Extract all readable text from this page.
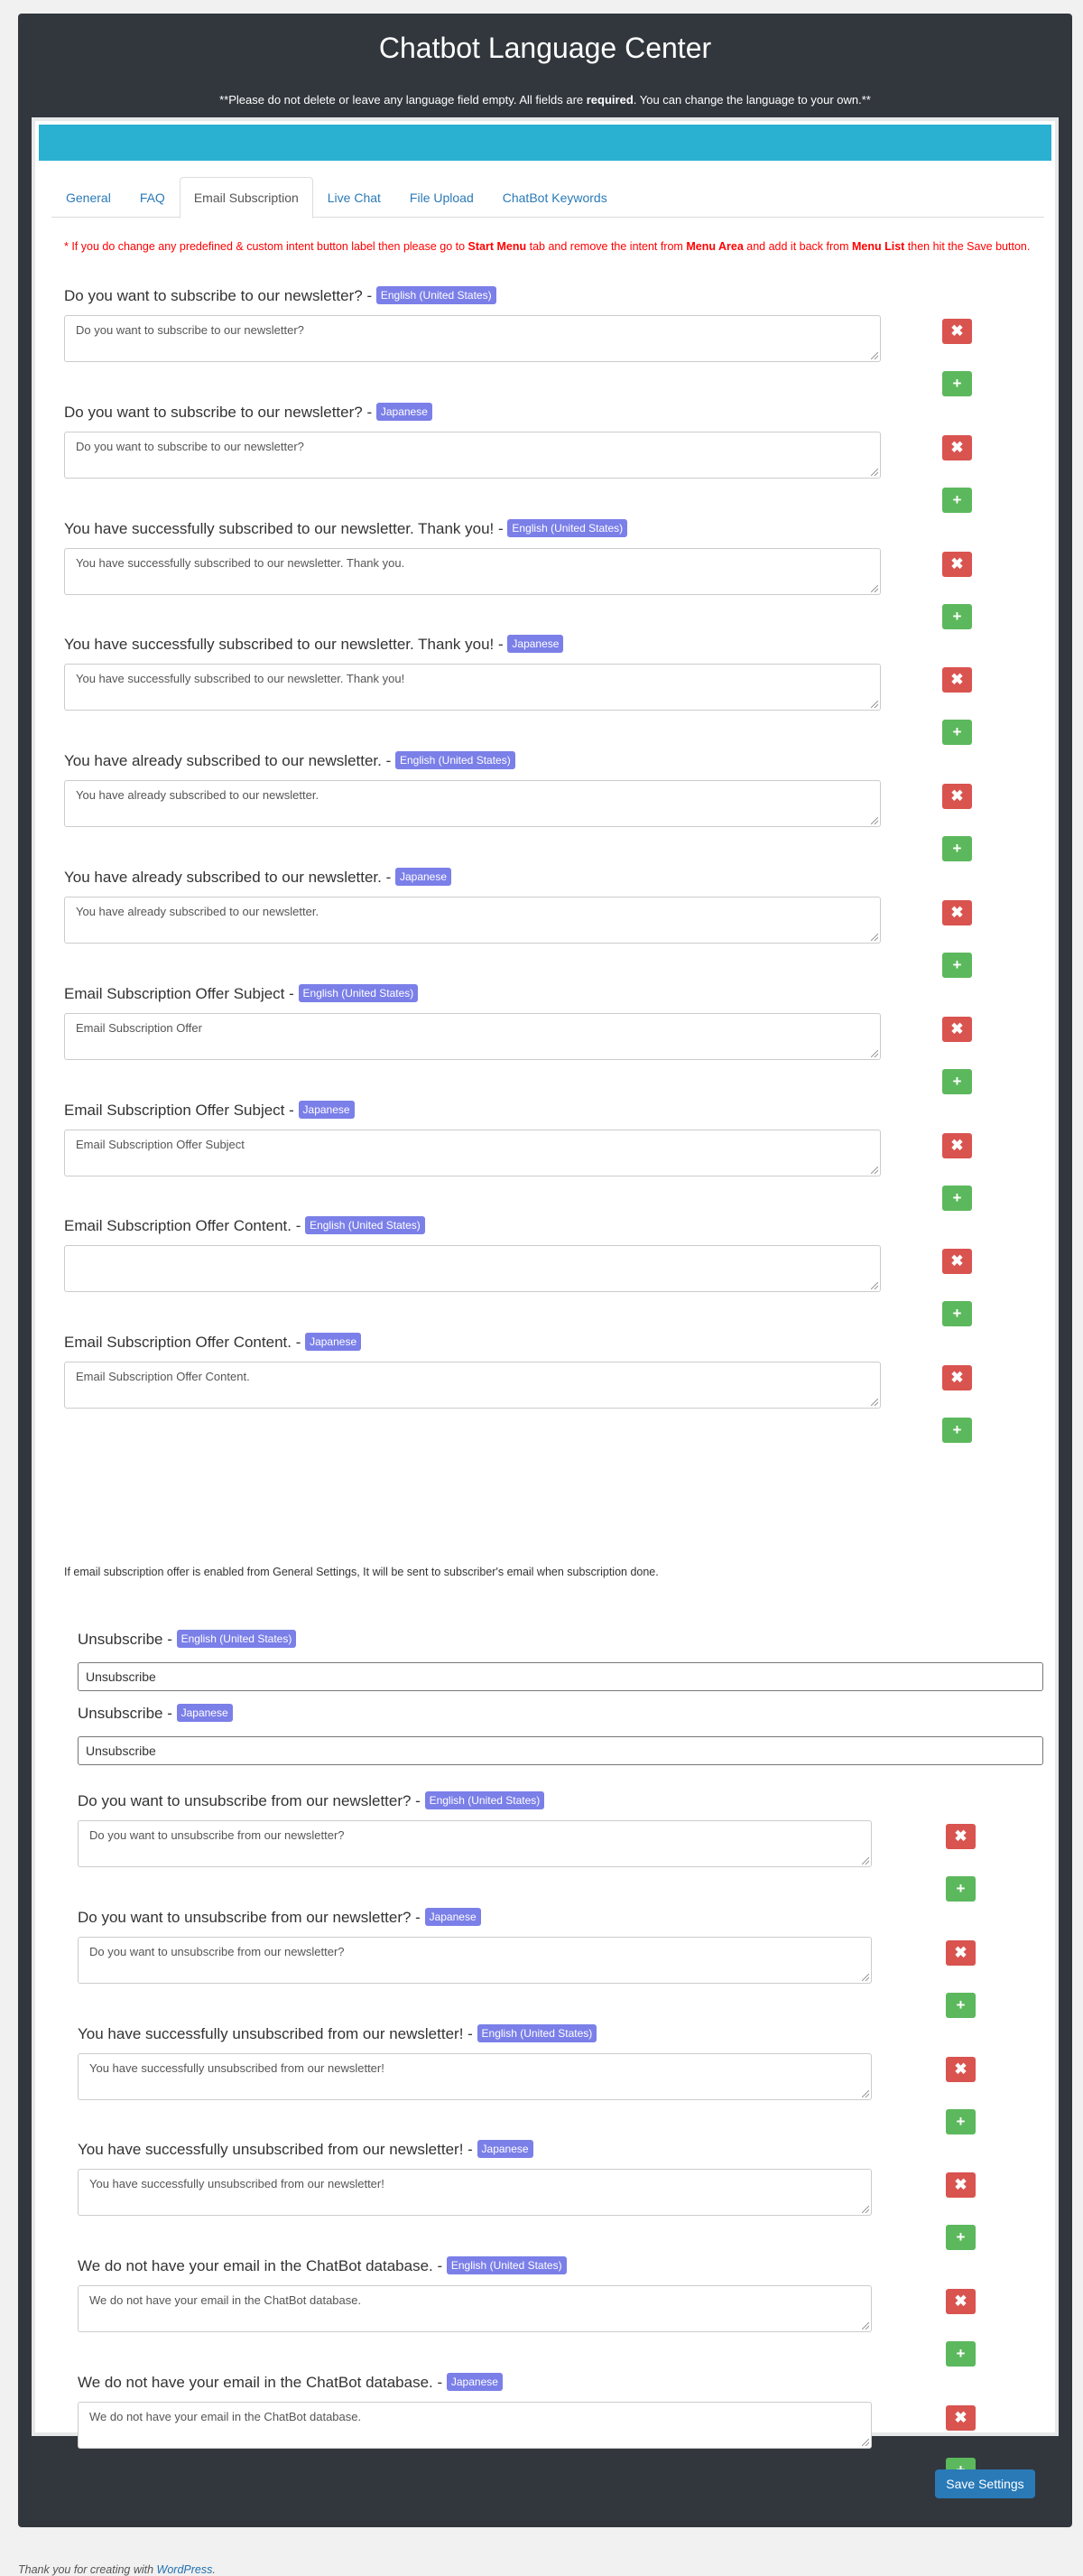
Chatbot Language Center
**Please do not delete or leave any language field empty. All fields are required. You can change the language to your own.**
General	FAQ	Email Subscription	Live Chat	File Upload	ChatBot Keywords
* If you do change any predefined & custom intent button label then please go to Start Menu tab and remove the intent from Menu Area and add it back from Menu List then hit the Save button.
Do you want to subscribe to our newsletter? - English (United States)
Do you want to subscribe to our newsletter?	✖
+
Do you want to subscribe to our newsletter? - Japanese
Do you want to subscribe to our newsletter?	✖
+
You have successfully subscribed to our newsletter. Thank you! - English (United States)
You have successfully subscribed to our newsletter. Thank you.	✖
+
You have successfully subscribed to our newsletter. Thank you! - Japanese
You have successfully subscribed to our newsletter. Thank you!	✖
+
You have already subscribed to our newsletter. - English (United States)
You have already subscribed to our newsletter.	✖
+
You have already subscribed to our newsletter. - Japanese
You have already subscribed to our newsletter.	✖
+
Email Subscription Offer Subject - English (United States)
Email Subscription Offer	✖
+
Email Subscription Offer Subject - Japanese
Email Subscription Offer Subject	✖
+
Email Subscription Offer Content. - English (United States)
✖
+
Email Subscription Offer Content. - Japanese
Email Subscription Offer Content.	✖
+
If email subscription offer is enabled from General Settings, It will be sent to subscriber's email when subscription done.
Unsubscribe - English (United States)
Unsubscribe
Unsubscribe - Japanese
Unsubscribe
Do you want to unsubscribe from our newsletter? - English (United States)
Do you want to unsubscribe from our newsletter?	✖
+
Do you want to unsubscribe from our newsletter? - Japanese
Do you want to unsubscribe from our newsletter?	✖
+
You have successfully unsubscribed from our newsletter! - English (United States)
You have successfully unsubscribed from our newsletter!	✖
+
You have successfully unsubscribed from our newsletter! - Japanese
You have successfully unsubscribed from our newsletter!	✖
+
We do not have your email in the ChatBot database. - English (United States)
We do not have your email in the ChatBot database.	✖
+
We do not have your email in the ChatBot database. - Japanese
We do not have your email in the ChatBot database.	✖
Save Settings
Thank you for creating with WordPress.
